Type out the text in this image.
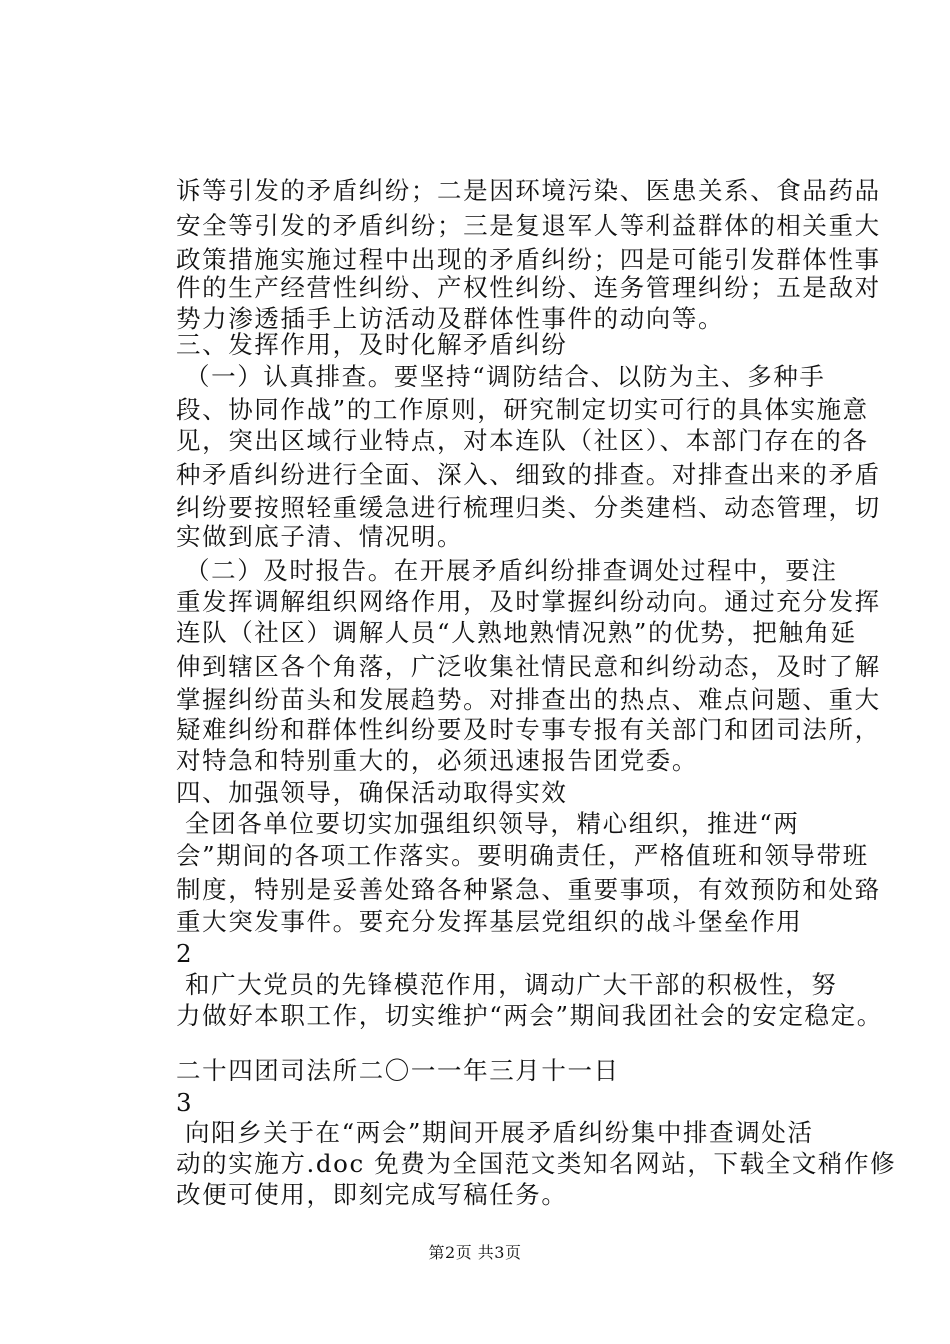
诉等引发的矛盾纠纷；二是因环境污染、医患关系、食品药品

安全等引发的矛盾纠纷；三是复退军人等利益群体的相关重大

政策措施实施过程中出现的矛盾纠纷；四是可能引发群体性事

件的生产经营性纠纷、产权性纠纷、连务管理纠纷；五是敌对

势力渗透插手上访活动及群体性事件的动向等。

三、发挥作用，及时化解矛盾纠纷

（一）认真排查。要坚持“调防结合、以防为主、多种手

段、协同作战”的工作原则，研究制定切实可行的具体实施意

见，突出区域行业特点，对本连队（社区）、本部门存在的各

种矛盾纠纷进行全面、深入、细致的排查。对排查出来的矛盾

纠纷要按照轻重缓急进行梳理归类、分类建档、动态管理，切

实做到底子清、情况明。

（二）及时报告。在开展矛盾纠纷排查调处过程中，要注

重发挥调解组织网络作用，及时掌握纠纷动向。通过充分发挥

连队（社区）调解人员“人熟地熟情况熟”的优势，把触角延

伸到辖区各个角落，广泛收集社情民意和纠纷动态，及时了解

掌握纠纷苗头和发展趋势。对排查出的热点、难点问题、重大

疑难纠纷和群体性纠纷要及时专事专报有关部门和团司法所，

对特急和特别重大的，必须迅速报告团党委。

四、加强领导，确保活动取得实效

全团各单位要切实加强组织领导，精心组织，推进“两

会”期间的各项工作落实。要明确责任，严格值班和领导带班

制度，特别是妥善处臵各种紧急、重要事项，有效预防和处臵

重大突发事件。要充分发挥基层党组织的战斗堡垒作用

2

和广大党员的先锋模范作用，调动广大干部的积极性，努

力做好本职工作，切实维护“两会”期间我团社会的安定稳定。

二十四团司法所二〇一一年三月十一日

3

向阳乡关于在“两会”期间开展矛盾纠纷集中排查调处活

动的实施方.doc 免费为全国范文类知名网站，下载全文稍作修

改便可使用，即刻完成写稿任务。

第2页 共3页
